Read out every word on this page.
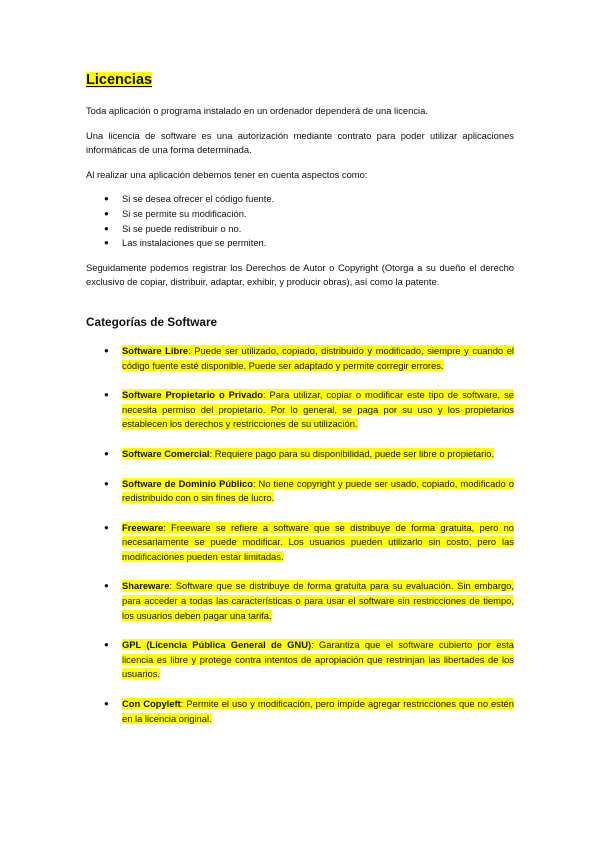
Licencias

Toda aplicación o programa instalado en un ordenador dependerá de una licencia.

Una licencia de software es una autorización mediante contrato para poder utilizar aplicaciones informáticas de una forma determinada.

Al realizar una aplicación debemos tener en cuenta aspectos como:

● Si se desea ofrecer el código fuente.
● Si se permite su modificación.
● Si se puede redistribuir o no.
● Las instalaciones que se permiten.

Seguidamente podemos registrar los Derechos de Autor o Copyright (Otorga a su dueño el derecho exclusivo de copiar, distribuir, adaptar, exhibir, y producir obras), así como la patente.

Categorías de Software
● Software Libre: Puede ser utilizado, copiado, distribuido y modificado, siempre y cuando el código fuente esté disponible. Puede ser adaptado y permite corregir errores.
● Software Propietario o Privado: Para utilizar, copiar o modificar este tipo de software, se necesita permiso del propietario. Por lo general, se paga por su uso y los propietarios establecen los derechos y restricciones de su utilización.
● Software Comercial: Requiere pago para su disponibilidad, puede ser libre o propietario.
● Software de Dominio Público: No tiene copyright y puede ser usado, copiado, modificado o redistribuido con o sin fines de lucro.
● Freeware: Freeware se refiere a software que se distribuye de forma gratuita, pero no necesariamente se puede modificar. Los usuarios pueden utilizarlo sin costo, pero las modificaciones pueden estar limitadas.
● Shareware: Software que se distribuye de forma gratuita para su evaluación. Sin embargo, para acceder a todas las características o para usar el software sin restricciones de tiempo, los usuarios deben pagar una tarifa.
● GPL (Licencia Pública General de GNU): Garantiza que el software cubierto por esta licencia es libre y protege contra intentos de apropiación que restrinjan las libertades de los usuarios.
● Con Copyleft: Permite el uso y modificación, pero impide agregar restricciones que no estén en la licencia original.
